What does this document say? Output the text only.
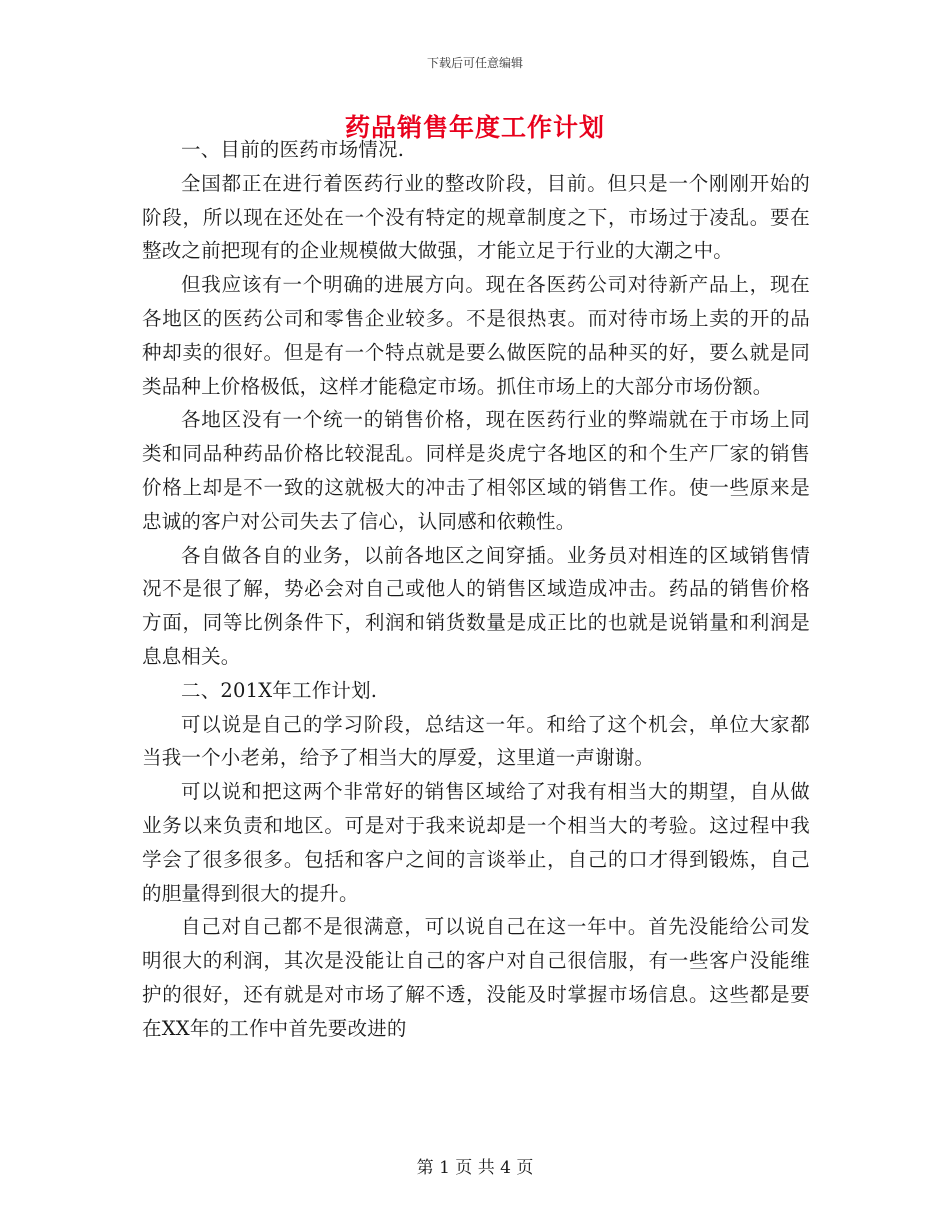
下载后可任意编辑
药品销售年度工作计划

一、目前的医药市场情况.

全国都正在进行着医药行业的整改阶段，目前。但只是一个刚刚开始的阶段，所以现在还处在一个没有特定的规章制度之下，市场过于凌乱。要在整改之前把现有的企业规模做大做强，才能立足于行业的大潮之中。

但我应该有一个明确的进展方向。现在各医药公司对待新产品上，现在各地区的医药公司和零售企业较多。不是很热衷。而对待市场上卖的开的品种却卖的很好。但是有一个特点就是要么做医院的品种买的好，要么就是同类品种上价格极低，这样才能稳定市场。抓住市场上的大部分市场份额。

各地区没有一个统一的销售价格，现在医药行业的弊端就在于市场上同类和同品种药品价格比较混乱。同样是炎虎宁各地区的和个生产厂家的销售价格上却是不一致的这就极大的冲击了相邻区域的销售工作。使一些原来是忠诚的客户对公司失去了信心，认同感和依赖性。

各自做各自的业务，以前各地区之间穿插。业务员对相连的区域销售情况不是很了解，势必会对自己或他人的销售区域造成冲击。药品的销售价格方面，同等比例条件下，利润和销货数量是成正比的也就是说销量和利润是息息相关。

二、201X年工作计划.

可以说是自己的学习阶段，总结这一年。和给了这个机会，单位大家都当我一个小老弟，给予了相当大的厚爱，这里道一声谢谢。

可以说和把这两个非常好的销售区域给了对我有相当大的期望，自从做业务以来负责和地区。可是对于我来说却是一个相当大的考验。这过程中我学会了很多很多。包括和客户之间的言谈举止，自己的口才得到锻炼，自己的胆量得到很大的提升。

自己对自己都不是很满意，可以说自己在这一年中。首先没能给公司发明很大的利润，其次是没能让自己的客户对自己很信服，有一些客户没能维护的很好，还有就是对市场了解不透，没能及时掌握市场信息。这些都是要在XX年的工作中首先要改进的

第 1 页 共 4 页
